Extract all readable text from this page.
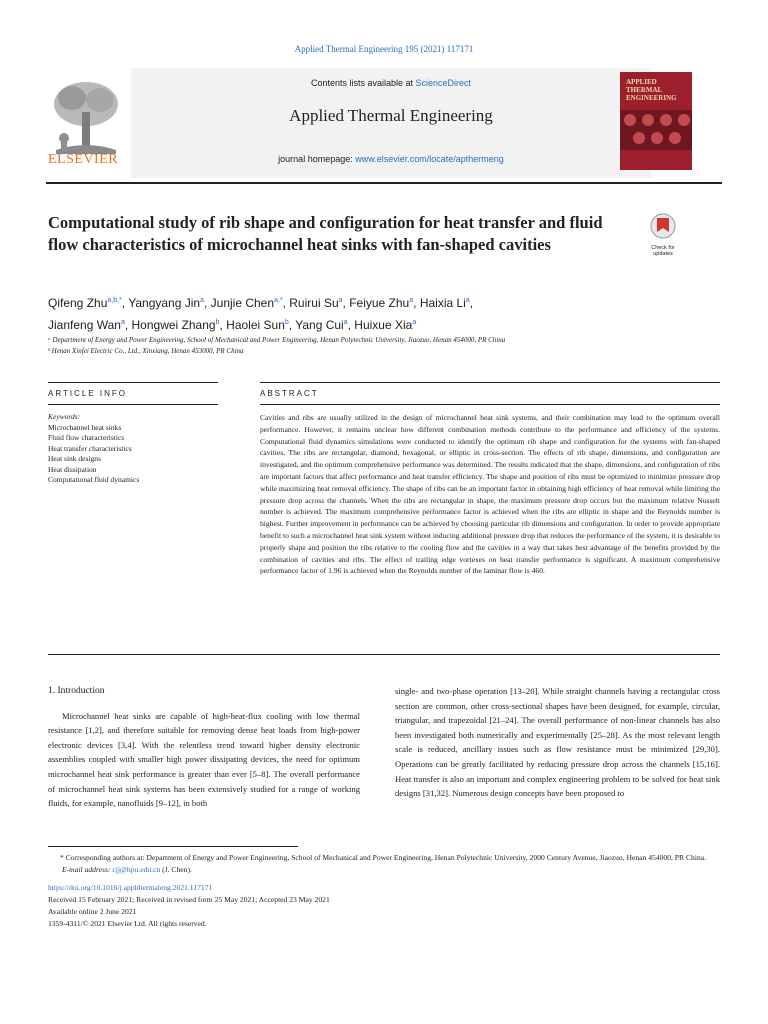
Applied Thermal Engineering 195 (2021) 117171
ELSEVIER
Contents lists available at ScienceDirect
Applied Thermal Engineering
journal homepage: www.elsevier.com/locate/apthermeng
APPLIED
THERMAL
ENGINEERING
Computational study of rib shape and configuration for heat transfer and fluid flow characteristics of microchannel heat sinks with fan-shaped cavities	Check for updates
Qifeng Zhu$^{a,b,*}$, Yangyang Jin$^a$, Junjie Chen$^{a,*}$, Ruirui Su$^a$, Feiyue Zhu$^a$, Haixia Li$^a$,
Jianfeng Wan$^a$, Hongwei Zhang$^b$, Haolei Sun$^b$, Yang Cui$^a$, Huixue Xia$^a$
ᵃ Department of Energy and Power Engineering, School of Mechanical and Power Engineering, Henan Polytechnic University, Jiaozuo, Henan 454000, PR China
ᵇ Henan Xinfei Electric Co., Ltd., Xinxiang, Henan 453000, PR China
ARTICLE INFO	ABSTRACT
Keywords:
Microchannel heat sinks
Fluid flow characteristics
Heat transfer characteristics
Heat sink designs
Heat dissipation
Computational fluid dynamics
Cavities and ribs are usually utilized in the design of microchannel heat sink systems, and their combination may lead to the optimum overall performance. However, it remains unclear how different combination methods contribute to the performance and efficiency of the systems. Computational fluid dynamics simulations were conducted to identify the optimum rib shape and configuration for the systems with fan-shaped cavities. The ribs are rectangular, diamond, hexagonal, or elliptic in cross-section. The effects of rib shape, dimensions, and configuration are investigated, and the optimum comprehensive performance was determined. The results indicated that the shape, dimensions, and configuration of ribs are important factors that affect performance and heat transfer efficiency. The shape and position of ribs must be optimized to minimize pressure drop while maximizing heat removal efficiency. The shape of ribs can be an important factor in obtaining high efficiency of heat removal while limiting the pressure drop across the channels. When the ribs are rectangular in shape, the maximum pressure drop occurs but the maximum relative Nusselt number is achieved. The maximum comprehensive performance factor is achieved when the ribs are elliptic in shape and the Reynolds number is highest. Further improvement in performance can be achieved by choosing particular rib dimensions and configuration. In order to provide appropriate benefit to such a microchannel heat sink system without inducing additional pressure drop that reduces the performance of the system, it is desirable to properly shape and position the ribs relative to the cooling flow and the cavities in a way that takes best advantage of the benefits provided by the combination of cavities and ribs. The effect of trailing edge vortexes on heat transfer performance is significant. A maximum comprehensive performance factor of 1.96 is achieved when the Reynolds number of the laminar flow is 460.
1. Introduction
Microchannel heat sinks are capable of high-heat-flux cooling with low thermal resistance [1,2], and therefore suitable for removing dense heat loads from high-power electronic devices [3,4]. With the relentless trend toward higher density electronic assemblies coupled with smaller high power dissipating devices, the need for optimum microchannel heat sink performance is greater than ever [5–8]. The overall performance of microchannel heat sink systems has been extensively studied for a range of working fluids, for example, nanofluids [9–12], in both
single- and two-phase operation [13–20]. While straight channels having a rectangular cross section are common, other cross-sectional shapes have been designed, for example, circular, triangular, and trapezoidal [21–24]. The overall performance of non-linear channels has also been investigated both numerically and experimentally [25–28]. As the most relevant length scale is reduced, ancillary issues such as flow resistance must be minimized [29,30]. Operations can be greatly facilitated by reducing pressure drop across the channels [15,16]. Heat transfer is also an important and complex engineering problem to be solved for heat sink designs [31,32]. Numerous design concepts have been proposed to
* Corresponding authors at: Department of Energy and Power Engineering, School of Mechanical and Power Engineering, Henan Polytechnic University, 2000 Century Avenue, Jiaozuo, Henan 454000, PR China.
E-mail address: cjj@hpu.edu.cn (J. Chen).
https://doi.org/10.1016/j.applthermaleng.2021.117171
Received 15 February 2021; Received in revised form 25 May 2021; Accepted 23 May 2021
Available online 2 June 2021
1359-4311/© 2021 Elsevier Ltd. All rights reserved.
